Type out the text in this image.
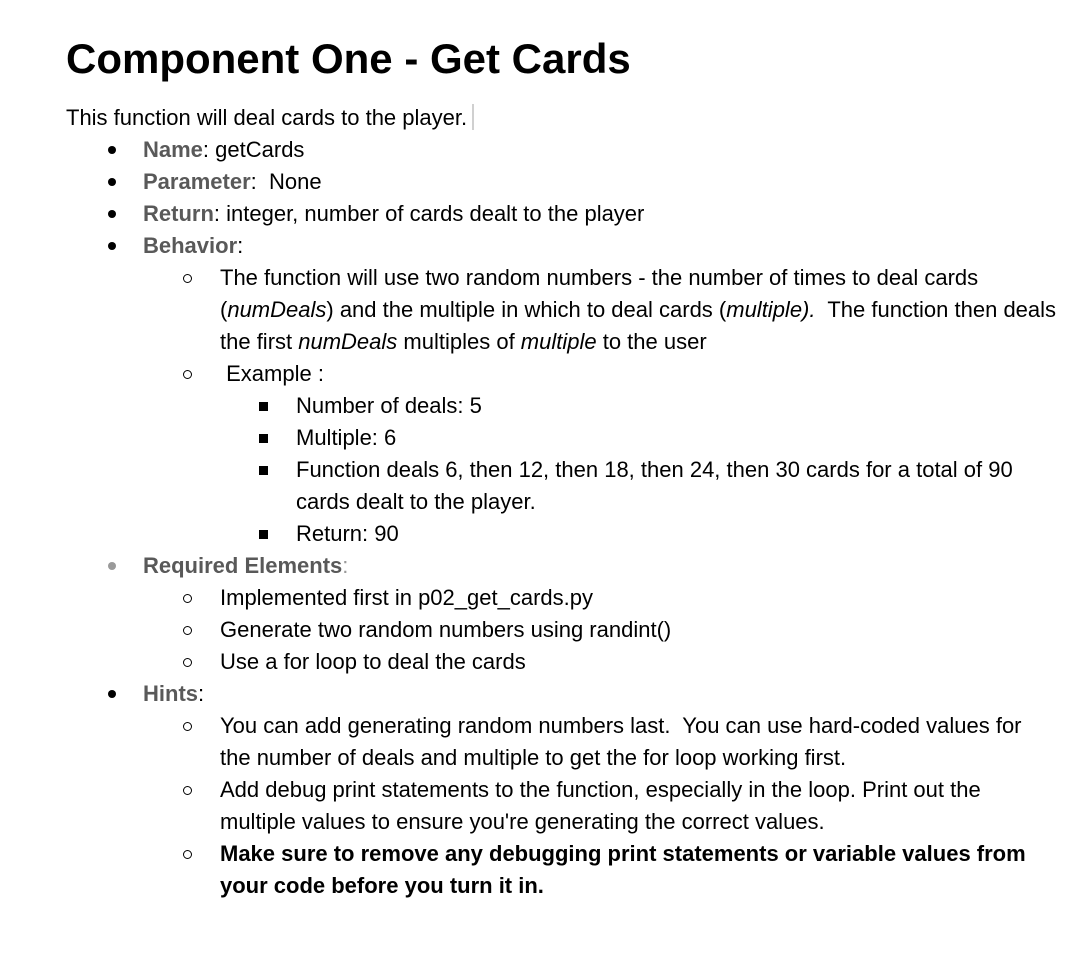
Component One - Get Cards
This function will deal cards to the player.
Name: getCards
Parameter:  None
Return: integer, number of cards dealt to the player
Behavior:
The function will use two random numbers - the number of times to deal cards (numDeals) and the multiple in which to deal cards (multiple).  The function then deals the first numDeals multiples of multiple to the user
Example :
Number of deals: 5
Multiple: 6
Function deals 6, then 12, then 18, then 24, then 30 cards for a total of 90 cards dealt to the player.
Return: 90
Required Elements:
Implemented first in p02_get_cards.py
Generate two random numbers using randint()
Use a for loop to deal the cards
Hints:
You can add generating random numbers last.  You can use hard-coded values for the number of deals and multiple to get the for loop working first.
Add debug print statements to the function, especially in the loop. Print out the multiple values to ensure you're generating the correct values.
Make sure to remove any debugging print statements or variable values from your code before you turn it in.
